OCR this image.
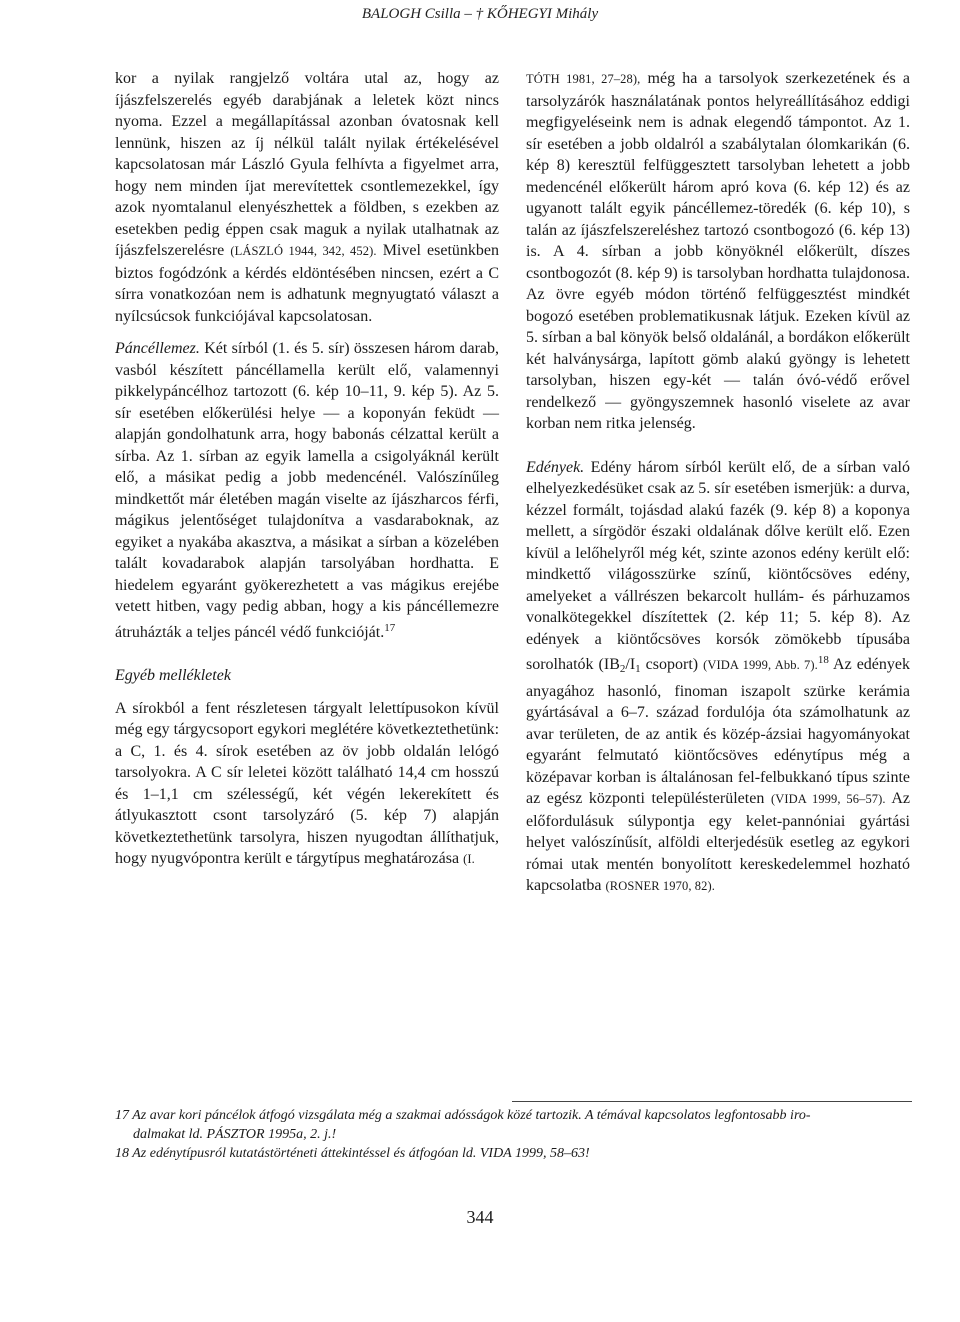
BALOGH Csilla – † KŐHEGYI Mihály

kor a nyilak rangjelző voltára utal az, hogy az íjászfelszerelés egyéb darabjának a leletek közt nincs nyoma. Ezzel a megállapítással azonban óvatosnak kell lennünk, hiszen az íj nélkül talált nyilak értékelésével kapcsolatosan már László Gyula felhívta a figyelmet arra, hogy nem minden íjat merevítettek csontlemezekkel, így azok nyomtalanul elenyészhettek a földben, s ezekben az esetekben pedig éppen csak maguk a nyilak utalhatnak az íjászfelszerelésre (LÁSZLÓ 1944, 342, 452). Mivel esetünkben biztos fogódzónk a kérdés eldöntésében nincsen, ezért a C sírra vonatkozóan nem is adhatunk megnyugtató választ a nyílcsúcsok funkciójával kapcsolatosan.

Páncéllemez. Két sírból (1. és 5. sír) összesen három darab, vasból készített páncéllamella került elő, valamennyi pikkelypáncélhoz tartozott (6. kép 10–11, 9. kép 5). Az 5. sír esetében előkerülési helye — a koponyán feküdt — alapján gondolhatunk arra, hogy babonás célzattal került a sírba. Az 1. sírban az egyik lamella a csigolyáknál került elő, a másikat pedig a jobb medencénél. Valószínűleg mindkettőt már életében magán viselte az íjászharcos férfi, mágikus jelentőséget tulajdonítva a vasdaraboknak, az egyiket a nyakába akasztva, a másikat a sírban a közelében talált kovadarabok alapján tarsolyában hordhatta. E hiedelem egyaránt gyökerezhetett a vas mágikus erejébe vetett hitben, vagy pedig abban, hogy a kis páncéllemezre átruházták a teljes páncél védő funkcióját.$^{17}$

Egyéb mellékletek

A sírokból a fent részletesen tárgyalt lelettípusokon kívül még egy tárgycsoport egykori meglétére következtethetünk: a C, 1. és 4. sírok esetében az öv jobb oldalán lelógó tarsolyokra. A C sír leletei között található 14,4 cm hosszú és 1–1,1 cm szélességű, két végén lekerekített és átlyukasztott csont tarsolyzáró (5. kép 7) alapján következtethetünk tarsolyra, hiszen nyugodtan állíthatjuk, hogy nyugvópontra került e tárgytípus meghatározása (I.

TÓTH 1981, 27–28), még ha a tarsolyok szerkezetének és a tarsolyzárók használatának pontos helyreállításához eddigi megfigyeléseink nem is adnak elegendő támpontot. Az 1. sír esetében a jobb oldalról a szabálytalan ólomkarikán (6. kép 8) keresztül felfüggesztett tarsolyban lehetett a jobb medencénél előkerült három apró kova (6. kép 12) és az ugyanott talált egyik páncéllemez-töredék (6. kép 10), s talán az íjászfelszereléshez tartozó csontbogozó (6. kép 13) is. A 4. sírban a jobb könyöknél előkerült, díszes csontbogozót (8. kép 9) is tarsolyban hordhatta tulajdonosa. Az övre egyéb módon történő felfüggesztést mindkét bogozó esetében problematikusnak látjuk. Ezeken kívül az 5. sírban a bal könyök belső oldalánál, a bordákon előkerült két halványsárga, lapított gömb alakú gyöngy is lehetett tarsolyban, hiszen egy-két — talán óvó-védő erővel rendelkező — gyöngyszemnek hasonló viselete az avar korban nem ritka jelenség.

Edények. Edény három sírból került elő, de a sírban való elhelyezkedésüket csak az 5. sír esetében ismerjük: a durva, kézzel formált, tojásdad alakú fazék (9. kép 8) a koponya mellett, a sírgödör északi oldalának dőlve került elő. Ezen kívül a lelőhelyről még két, szinte azonos edény került elő: mindkettő világosszürke színű, kiöntőcsöves edény, amelyeket a vállrészen bekarcolt hullám- és párhuzamos vonalkötegekkel díszítettek (2. kép 11; 5. kép 8). Az edények a kiöntőcsöves korsók zömökebb típusába sorolhatók ($IB_2/I_1$ csoport) (VIDA 1999, Abb. 7).$^{18}$ Az edények anyagához hasonló, finoman iszapolt szürke kerámia gyártásával a 6–7. század fordulója óta számolhatunk az avar területen, de az antik és közép-ázsiai hagyományokat egyaránt felmutató kiöntőcsöves edénytípus még a középavar korban is általánosan fel-felbukkanó típus szinte az egész központi településterületen (VIDA 1999, 56–57). Az előfordulásuk súlypontja egy kelet-pannóniai gyártási helyet valószínűsít, alföldi elterjedésük esetleg az egykori római utak mentén bonyolított kereskedelemmel hozható kapcsolatba (ROSNER 1970, 82).

17 Az avar kori páncélok átfogó vizsgálata még a szakmai adósságok közé tartozik. A témával kapcsolatos legfontosabb iro-

dalmakat ld. PÁSZTOR 1995a, 2. j.!

18 Az edénytípusról kutatástörténeti áttekintéssel és átfogóan ld. VIDA 1999, 58–63!

344
